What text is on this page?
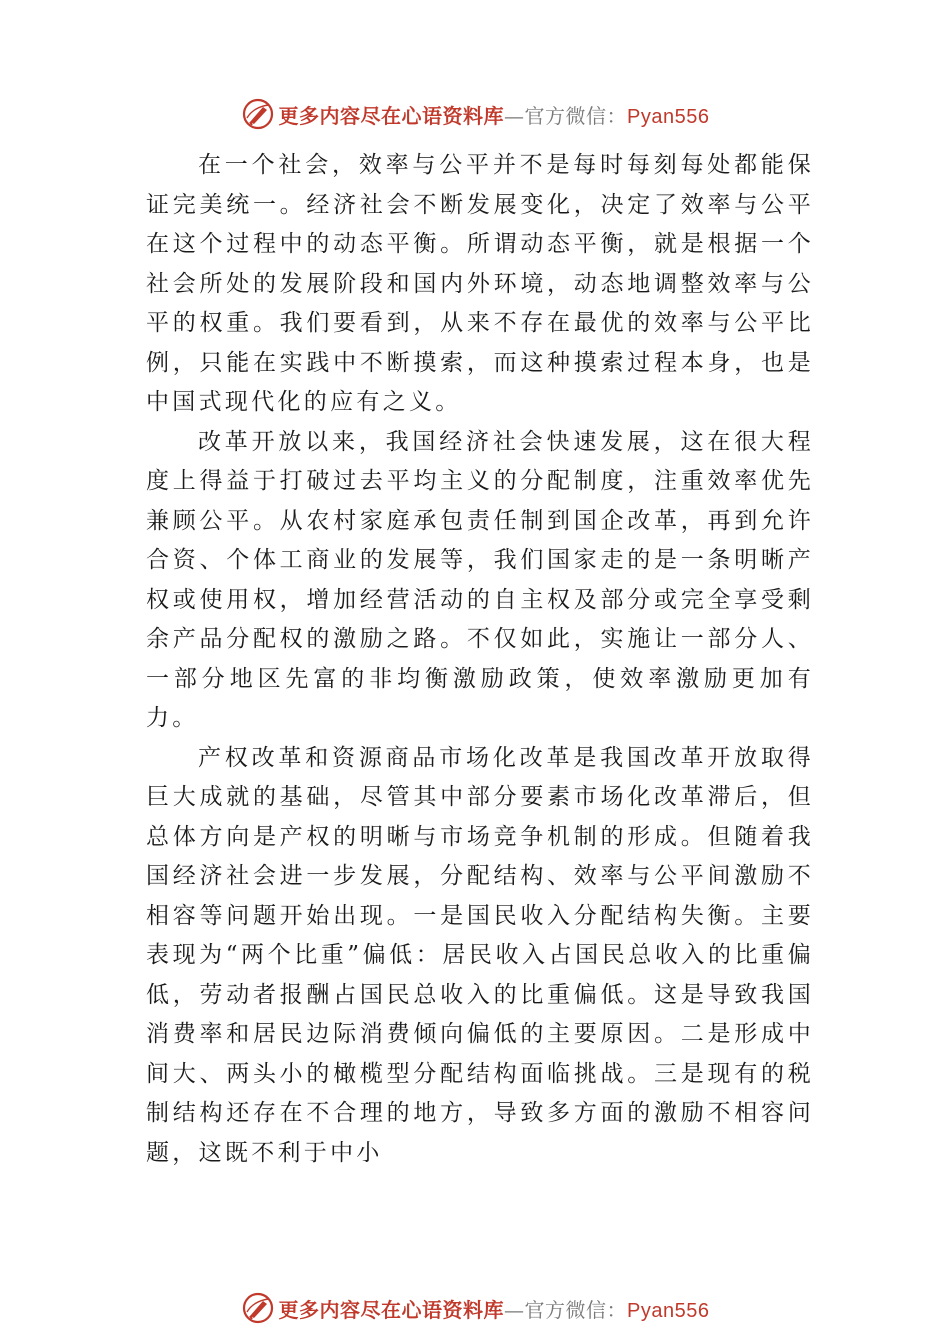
更多内容尽在心语资料库—官方微信：Pyan556

在一个社会，效率与公平并不是每时每刻每处都能保证完美统一。经济社会不断发展变化，决定了效率与公平在这个过程中的动态平衡。所谓动态平衡，就是根据一个社会所处的发展阶段和国内外环境，动态地调整效率与公平的权重。我们要看到，从来不存在最优的效率与公平比例，只能在实践中不断摸索，而这种摸索过程本身，也是中国式现代化的应有之义。

改革开放以来，我国经济社会快速发展，这在很大程度上得益于打破过去平均主义的分配制度，注重效率优先兼顾公平。从农村家庭承包责任制到国企改革，再到允许合资、个体工商业的发展等，我们国家走的是一条明晰产权或使用权，增加经营活动的自主权及部分或完全享受剩余产品分配权的激励之路。不仅如此，实施让一部分人、一部分地区先富的非均衡激励政策，使效率激励更加有力。

产权改革和资源商品市场化改革是我国改革开放取得巨大成就的基础，尽管其中部分要素市场化改革滞后，但总体方向是产权的明晰与市场竞争机制的形成。但随着我国经济社会进一步发展，分配结构、效率与公平间激励不相容等问题开始出现。一是国民收入分配结构失衡。主要表现为“两个比重”偏低：居民收入占国民总收入的比重偏低，劳动者报酬占国民总收入的比重偏低。这是导致我国消费率和居民边际消费倾向偏低的主要原因。二是形成中间大、两头小的橄榄型分配结构面临挑战。三是现有的税制结构还存在不合理的地方，导致多方面的激励不相容问题，这既不利于中小

更多内容尽在心语资料库—官方微信：Pyan556
